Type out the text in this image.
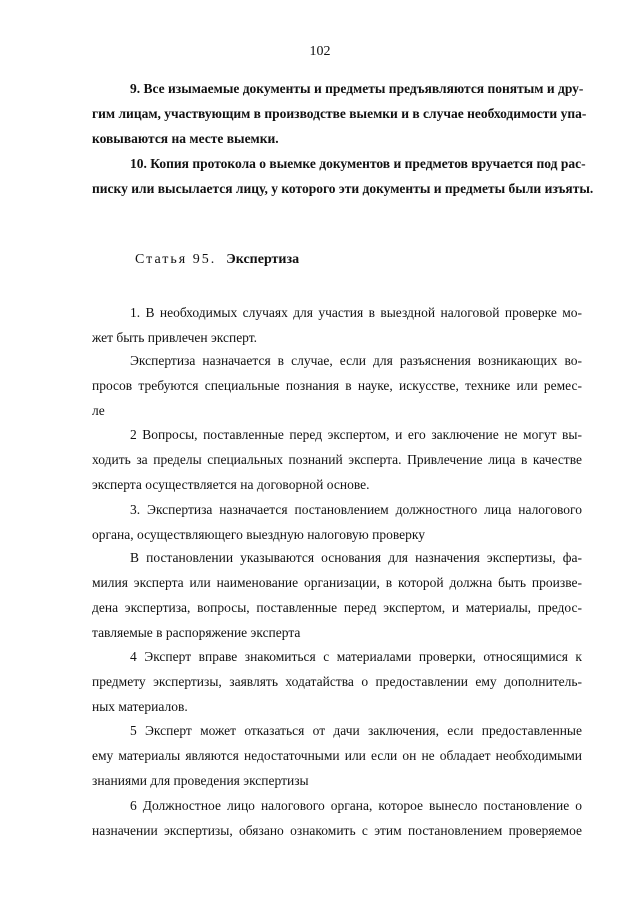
102
9. Все изымаемые документы и предметы предъявляются понятым и дру-
гим лицам, участвующим в производстве выемки и в случае необходимости упа-
ковываются на месте выемки.
10. Копия протокола о выемке документов и предметов вручается под рас-
писку или высылается лицу, у которого эти документы и предметы были изъяты.
Статья 95. Экспертиза
1. В необходимых случаях для участия в выездной налоговой проверке мо-
жет быть привлечен эксперт.
Экспертиза назначается в случае, если для разъяснения возникающих во-
просов требуются специальные познания в науке, искусстве, технике или ремес-
ле
2 Вопросы, поставленные перед экспертом, и его заключение не могут вы-
ходить за пределы специальных познаний эксперта. Привлечение лица в качестве
эксперта осуществляется на договорной основе.
3. Экспертиза назначается постановлением должностного лица налогового
органа, осуществляющего выездную налоговую проверку
В постановлении указываются основания для назначения экспертизы, фа-
милия эксперта или наименование организации, в которой должна быть произве-
дена экспертиза, вопросы, поставленные перед экспертом, и материалы, предос-
тавляемые в распоряжение эксперта
4 Эксперт вправе знакомиться с материалами проверки, относящимися к
предмету экспертизы, заявлять ходатайства о предоставлении ему дополнитель-
ных материалов.
5 Эксперт может отказаться от дачи заключения, если предоставленные
ему материалы являются недостаточными или если он не обладает необходимыми
знаниями для проведения экспертизы
6 Должностное лицо налогового органа, которое вынесло постановление о
назначении экспертизы, обязано ознакомить с этим постановлением проверяемое
